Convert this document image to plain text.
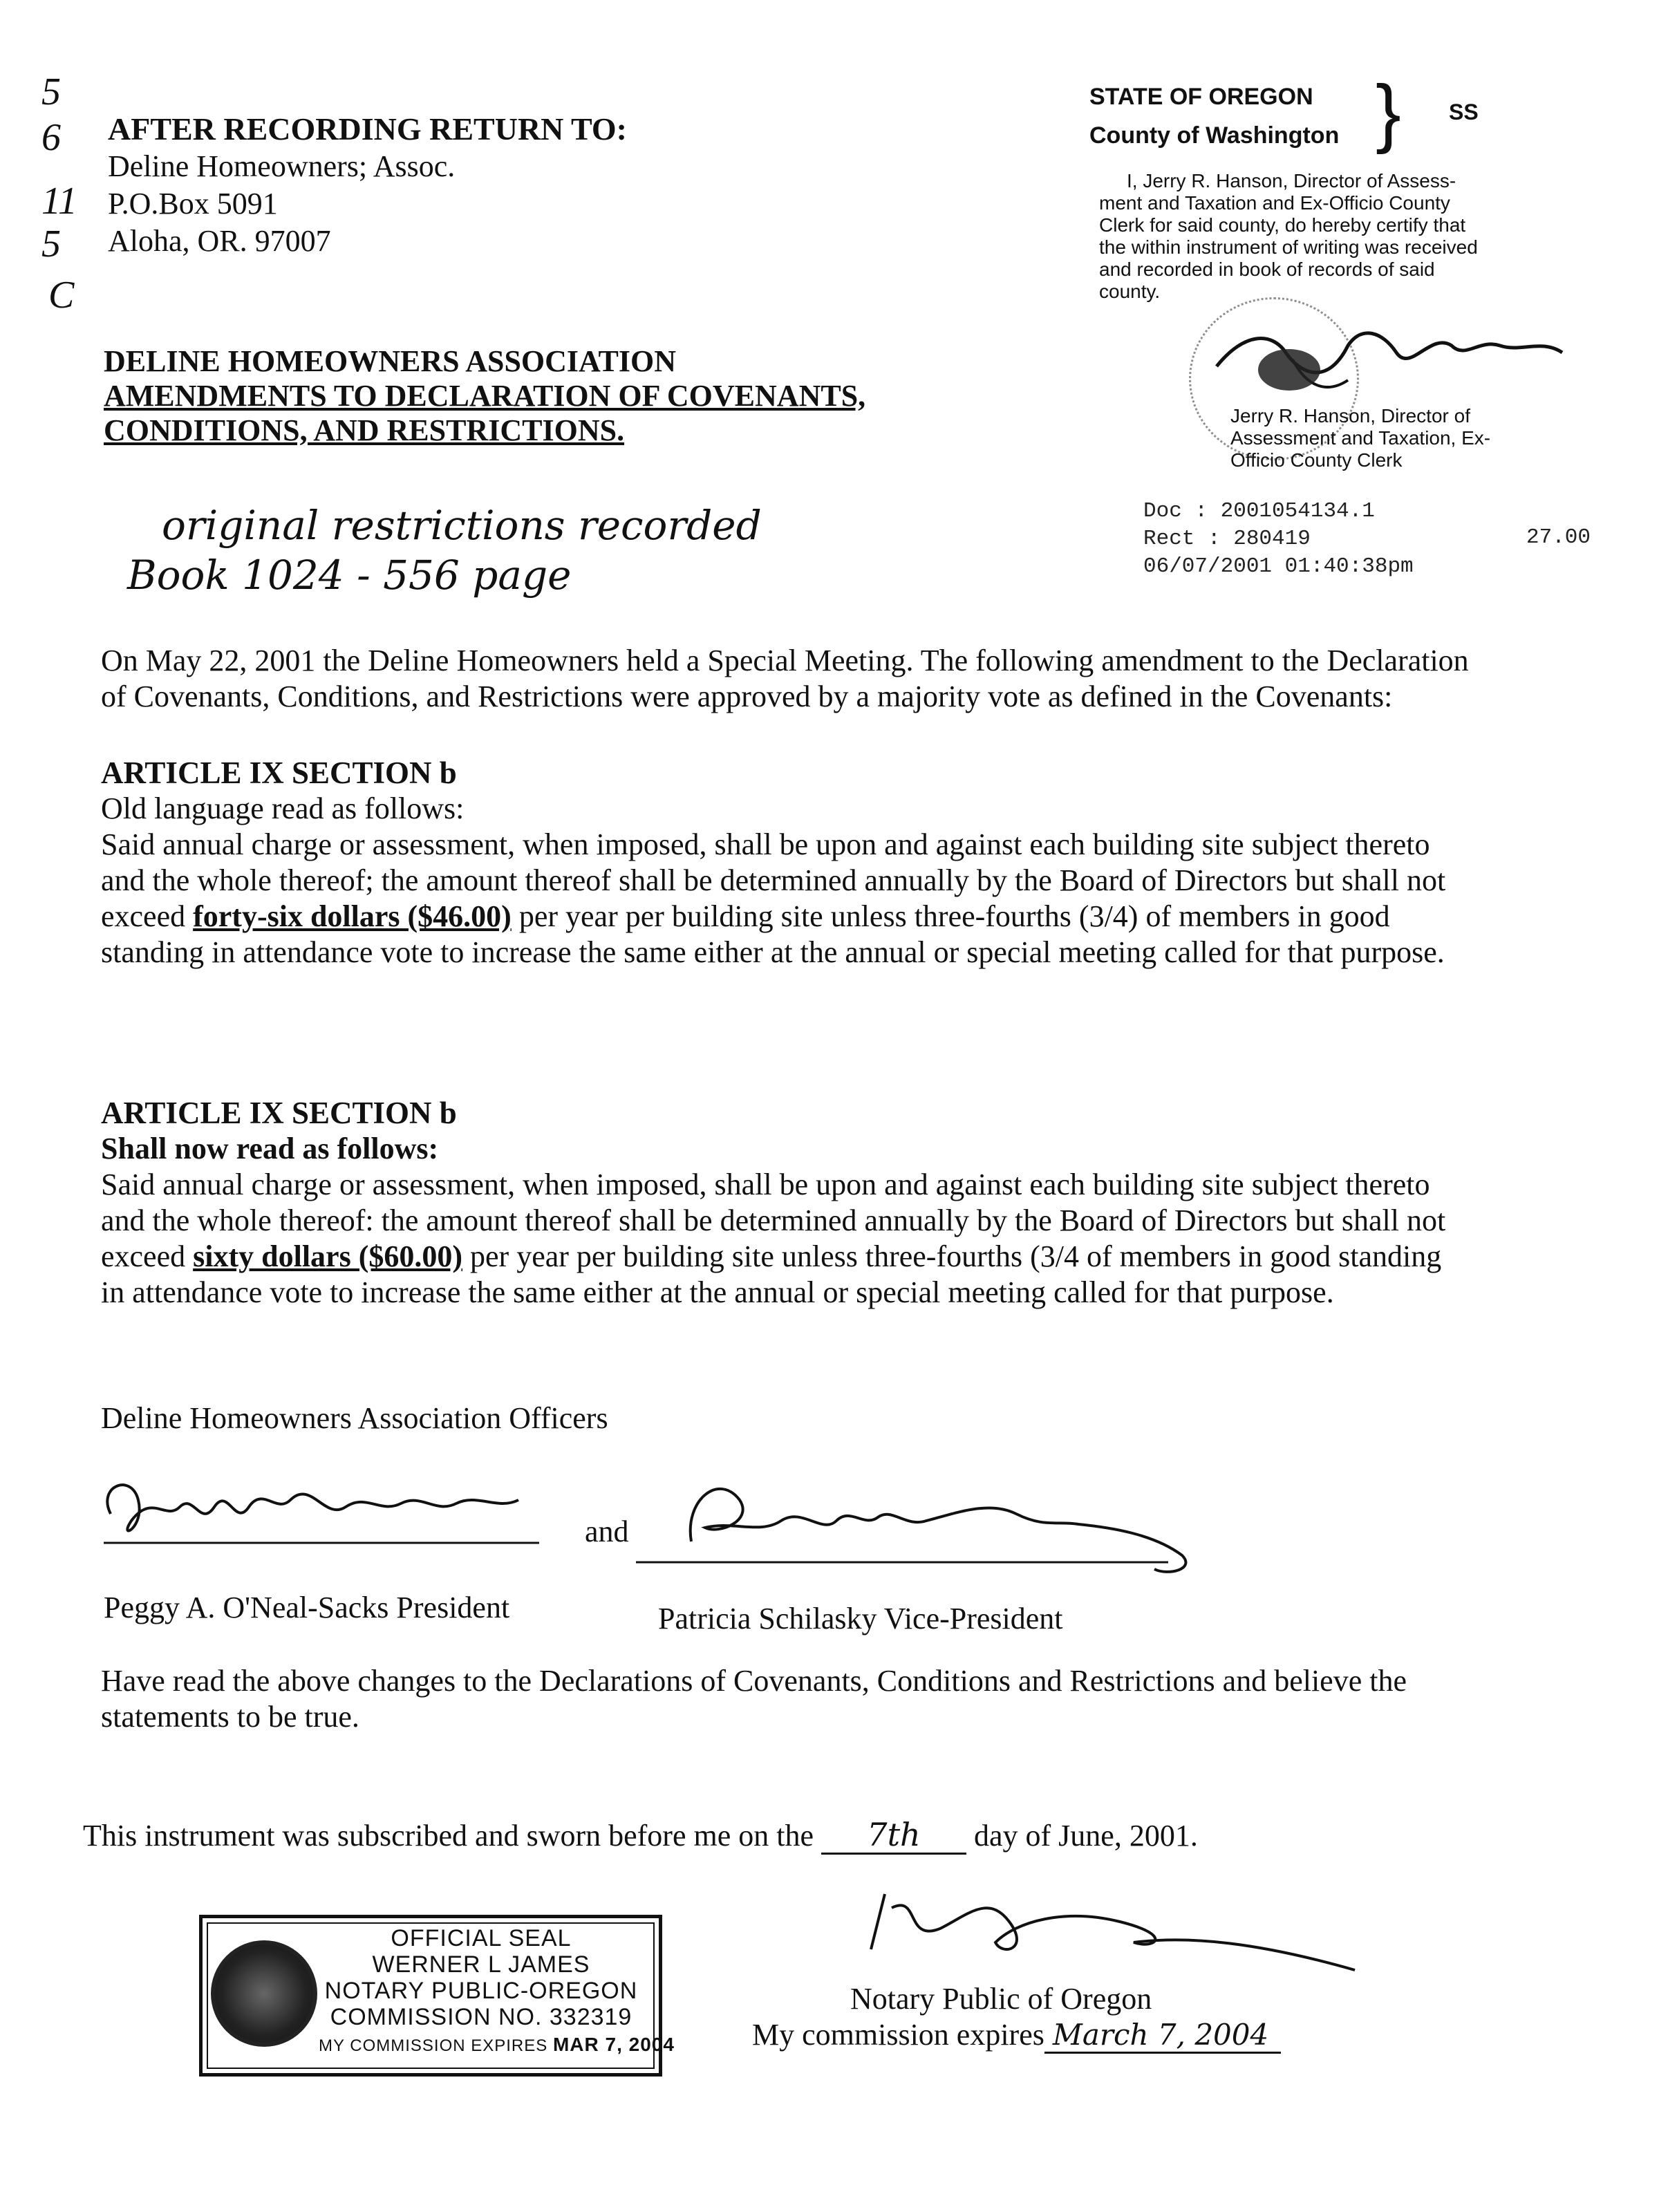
5
6
11
5
C
AFTER RECORDING RETURN TO:
Deline Homeowners; Assoc.
P.O.Box 5091
Aloha, OR. 97007
STATE OF OREGON
County of Washington } SS
I, Jerry R. Hanson, Director of Assess-
ment and Taxation and Ex-Officio County
Clerk for said county, do hereby certify that
the within instrument of writing was received
and recorded in book of records of said
county.
Jerry R. Hanson, Director of
Assessment and Taxation, Ex-
Officio County Clerk
Doc : 2001054134.1
Rect : 280419
06/07/2001 01:40:38pm
27.00
DELINE HOMEOWNERS ASSOCIATION
AMENDMENTS TO DECLARATION OF COVENANTS,
CONDITIONS, AND RESTRICTIONS.
original restrictions recorded
Book 1024 - 556 page
On May 22, 2001 the Deline Homeowners held a Special Meeting. The following amendment to the Declaration
of Covenants, Conditions, and Restrictions were approved by a majority vote as defined in the Covenants:
ARTICLE IX SECTION b
Old language read as follows:
Said annual charge or assessment, when imposed, shall be upon and against each building site subject thereto
and the whole thereof; the amount thereof shall be determined annually by the Board of Directors but shall not
exceed forty-six dollars ($46.00) per year per building site unless three-fourths (3/4) of members in good
standing in attendance vote to increase the same either at the annual or special meeting called for that purpose.
ARTICLE IX SECTION b
Shall now read as follows:
Said annual charge or assessment, when imposed, shall be upon and against each building site subject thereto
and the whole thereof: the amount thereof shall be determined annually by the Board of Directors but shall not
exceed sixty dollars ($60.00) per year per building site unless three-fourths (3/4 of members in good standing
in attendance vote to increase the same either at the annual or special meeting called for that purpose.
Deline Homeowners Association Officers
and
Peggy A. O'Neal-Sacks President	Patricia Schilasky Vice-President
Have read the above changes to the Declarations of Covenants, Conditions and Restrictions and believe the
statements to be true.
This instrument was subscribed and sworn before me on the 7th day of June, 2001.
Notary Public of Oregon
My commission expires March 7, 2004
OFFICIAL SEAL
WERNER L JAMES
NOTARY PUBLIC-OREGON
COMMISSION NO. 332319
MY COMMISSION EXPIRES MAR 7, 2004
